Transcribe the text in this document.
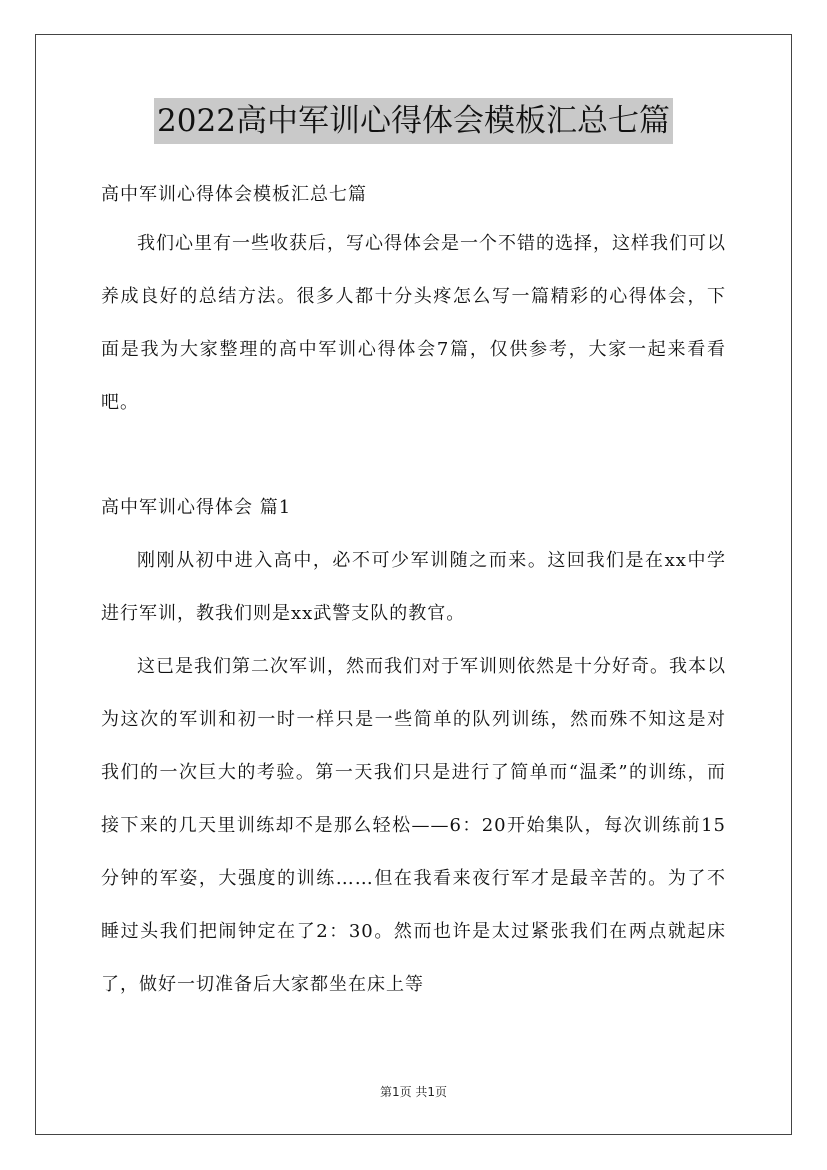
2022高中军训心得体会模板汇总七篇

高中军训心得体会模板汇总七篇

我们心里有一些收获后，写心得体会是一个不错的选择，这样我们可以养成良好的总结方法。很多人都十分头疼怎么写一篇精彩的心得体会，下面是我为大家整理的高中军训心得体会7篇，仅供参考，大家一起来看看吧。

高中军训心得体会 篇1

刚刚从初中进入高中，必不可少军训随之而来。这回我们是在xx中学进行军训，教我们则是xx武警支队的教官。

这已是我们第二次军训，然而我们对于军训则依然是十分好奇。我本以为这次的军训和初一时一样只是一些简单的队列训练，然而殊不知这是对我们的一次巨大的考验。第一天我们只是进行了简单而“温柔”的训练，而接下来的几天里训练却不是那么轻松——6：20开始集队，每次训练前15分钟的军姿，大强度的训练……但在我看来夜行军才是最辛苦的。为了不睡过头我们把闹钟定在了2：30。然而也许是太过紧张我们在两点就起床了，做好一切准备后大家都坐在床上等

第1页 共1页
